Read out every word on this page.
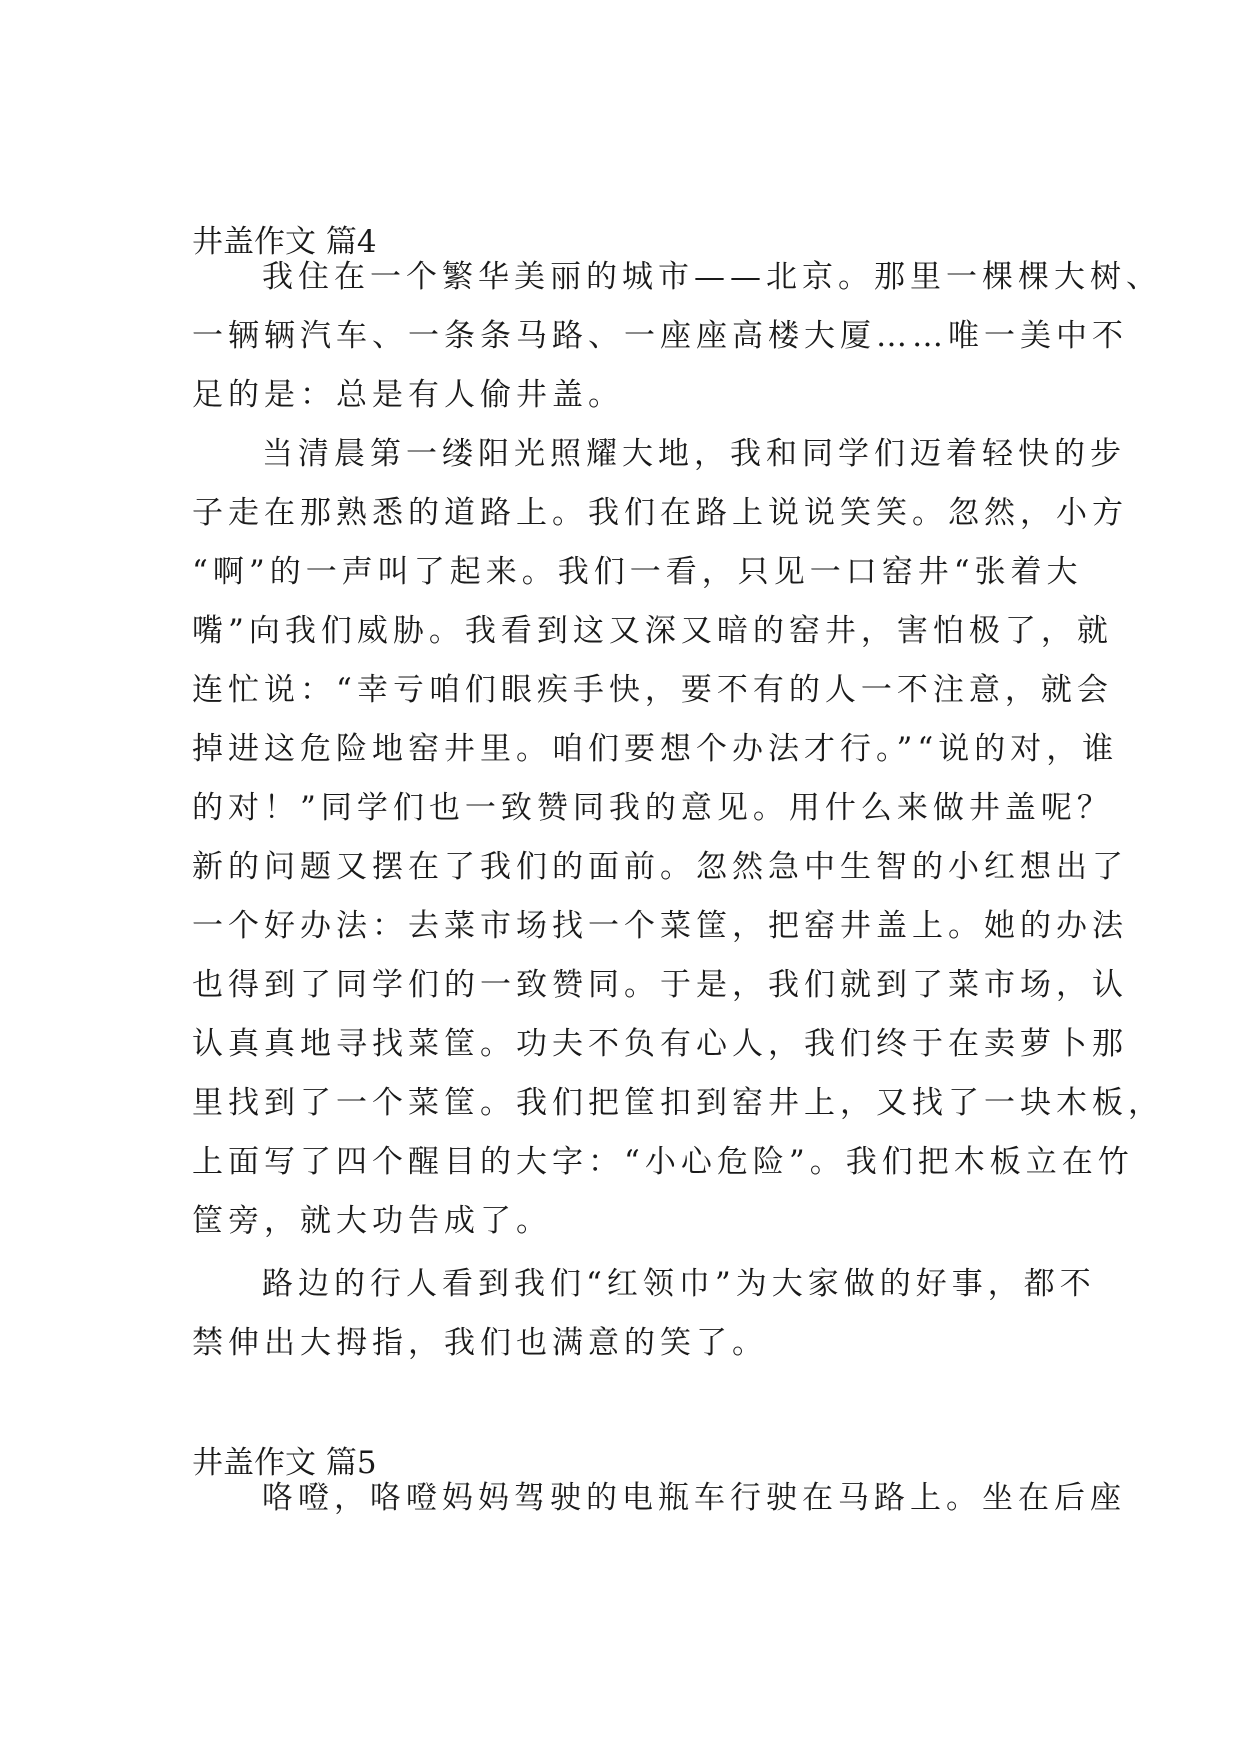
井盖作文 篇4

我住在一个繁华美丽的城市——北京。那里一棵棵大树、
一辆辆汽车、一条条马路、一座座高楼大厦……唯一美中不
足的是：总是有人偷井盖。

当清晨第一缕阳光照耀大地，我和同学们迈着轻快的步
子走在那熟悉的道路上。我们在路上说说笑笑。忽然，小方
“啊”的一声叫了起来。我们一看，只见一口窑井“张着大
嘴”向我们威胁。我看到这又深又暗的窑井，害怕极了，就
连忙说：“幸亏咱们眼疾手快，要不有的人一不注意，就会
掉进这危险地窑井里。咱们要想个办法才行。”“说的对，谁
的对！”同学们也一致赞同我的意见。用什么来做井盖呢？
新的问题又摆在了我们的面前。忽然急中生智的小红想出了
一个好办法：去菜市场找一个菜筐，把窑井盖上。她的办法
也得到了同学们的一致赞同。于是，我们就到了菜市场，认
认真真地寻找菜筐。功夫不负有心人，我们终于在卖萝卜那
里找到了一个菜筐。我们把筐扣到窑井上，又找了一块木板，
上面写了四个醒目的大字：“小心危险”。我们把木板立在竹
筐旁，就大功告成了。

路边的行人看到我们“红领巾”为大家做的好事，都不
禁伸出大拇指，我们也满意的笑了。

井盖作文 篇5

咯噔，咯噔妈妈驾驶的电瓶车行驶在马路上。坐在后座
